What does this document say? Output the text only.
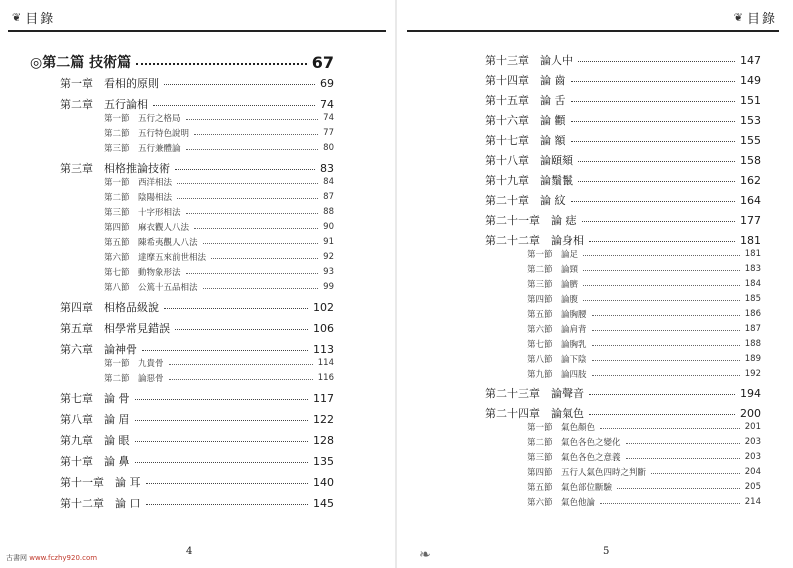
❦ 目錄
◎第二篇 技術篇	67
第一章　看相的原則	69
第二章　五行論相	74
第一節　五行之格局	74
第二節　五行特色說明	77
第三節　五行兼體論	80
第三章　相格推論技術	83
第一節　西洋相法	84
第二節　陰陽相法	87
第三節　十字形相法	88
第四節　麻衣觀人八法	90
第五節　陳希夷觀人八法	91
第六節　達摩五來前世相法	92
第七節　動物象形法	93
第八節　公篤十五品相法	99
第四章　相格品級說	102
第五章　相學常見錯誤	106
第六章　論神骨	113
第一節　九貴骨	114
第二節　論惡骨	116
第七章　論 骨	117
第八章　論 眉	122
第九章　論 眼	128
第十章　論 鼻	135
第十一章　論 耳	140
第十二章　論 口	145
古書网 www.fczhy920.com
4
❦ 目錄
第十三章　論人中	147
第十四章　論 齒	149
第十五章　論 舌	151
第十六章　論 顴	153
第十七章　論 額	155
第十八章　論頤頦	158
第十九章　論鬚鬣	162
第二十章　論 紋	164
第二十一章　論 痣	177
第二十二章　論身相	181
第一節　論足	181
第二節　論頸	183
第三節　論臍	184
第四節　論腹	185
第五節　論胸腰	186
第六節　論肩背	187
第七節　論胸乳	188
第八節　論下陰	189
第九節　論四肢	192
第二十三章　論聲音	194
第二十四章　論氣色	200
第一節　氣色顏色	201
第二節　氣色各色之變化	203
第三節　氣色各色之意義	203
第四節　五行人氣色四時之判斷	204
第五節　氣色部位斷驗	205
第六節　氣色他論	214
❧	5
